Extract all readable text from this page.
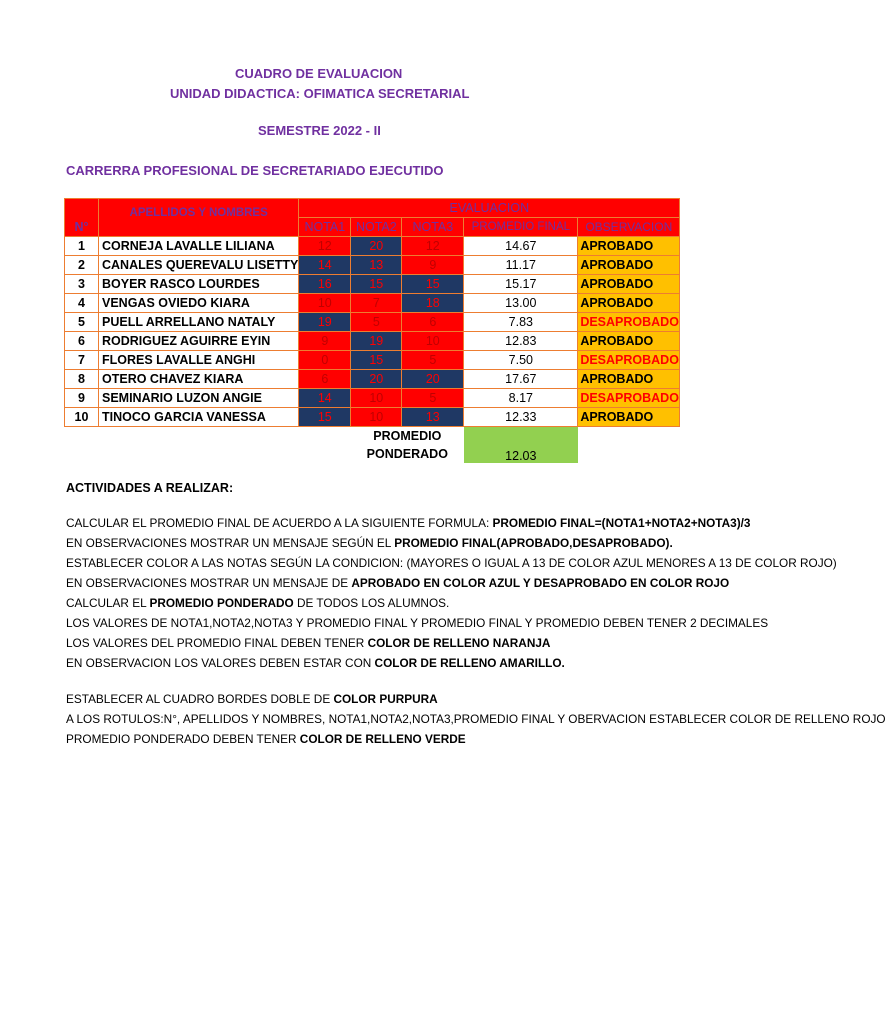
CUADRO DE EVALUACION
UNIDAD DIDACTICA: OFIMATICA SECRETARIAL
SEMESTRE 2022 - II
CARRERRA PROFESIONAL DE SECRETARIADO EJECUTIDO
N°	APELLIDOS Y NOMBRES	EVALUACION				
		NOTA1	NOTA2	NOTA3	PROMEDIO FINAL	OBSERVACION
1	CORNEJA LAVALLE LILIANA	12	20	12	14.67	APROBADO
2	CANALES QUEREVALU LISETTY	14	13	9	11.17	APROBADO
3	BOYER RASCO LOURDES	16	15	15	15.17	APROBADO
4	VENGAS OVIEDO KIARA	10	7	18	13.00	APROBADO
5	PUELL ARRELLANO NATALY	19	5	6	7.83	DESAPROBADO
6	RODRIGUEZ AGUIRRE EYIN	9	19	10	12.83	APROBADO
7	FLORES LAVALLE ANGHI	0	15	5	7.50	DESAPROBADO
8	OTERO CHAVEZ KIARA	6	20	20	17.67	APROBADO
9	SEMINARIO LUZON ANGIE	14	10	5	8.17	DESAPROBADO
10	TINOCO GARCIA VANESSA	15	10	13	12.33	APROBADO
			PROMEDIO		12.03	
			PONDERADO			
ACTIVIDADES A REALIZAR:
CALCULAR EL PROMEDIO FINAL DE ACUERDO A LA SIGUIENTE FORMULA: PROMEDIO FINAL=(NOTA1+NOTA2+NOTA3)/3
EN OBSERVACIONES MOSTRAR UN MENSAJE SEGÚN EL PROMEDIO FINAL(APROBADO,DESAPROBADO).
ESTABLECER COLOR A LAS NOTAS SEGÚN LA CONDICION: (MAYORES O IGUAL A 13 DE COLOR AZUL MENORES A 13 DE COLOR ROJO)
EN OBSERVACIONES MOSTRAR UN MENSAJE DE APROBADO EN COLOR AZUL Y DESAPROBADO EN COLOR ROJO
CALCULAR EL PROMEDIO PONDERADO DE TODOS LOS ALUMNOS.
LOS VALORES DE NOTA1,NOTA2,NOTA3 Y PROMEDIO FINAL Y PROMEDIO FINAL Y PROMEDIO DEBEN TENER 2 DECIMALES
LOS VALORES DEL PROMEDIO FINAL DEBEN TENER COLOR DE RELLENO NARANJA
EN OBSERVACION LOS VALORES DEBEN ESTAR CON COLOR DE RELLENO AMARILLO.
ESTABLECER AL CUADRO BORDES DOBLE DE COLOR PURPURA
A LOS ROTULOS:N°, APELLIDOS Y NOMBRES, NOTA1,NOTA2,NOTA3,PROMEDIO FINAL Y OBERVACION ESTABLECER COLOR DE RELLENO ROJO
PROMEDIO PONDERADO DEBEN TENER COLOR DE RELLENO VERDE
